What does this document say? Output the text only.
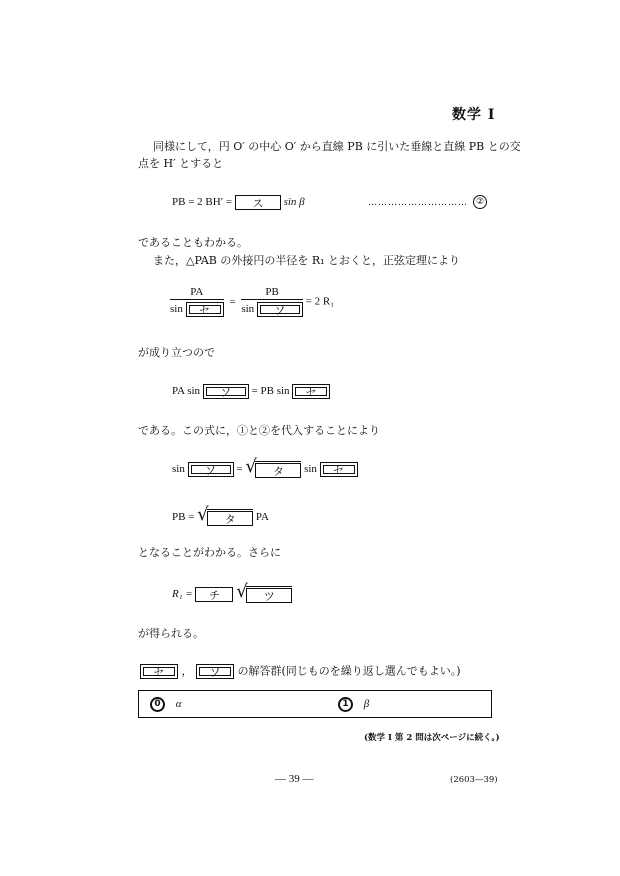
数学 I
同様にして，円 O′ の中心 O′ から直線 PB に引いた垂線と直線 PB との交
点を H′ とすると
PB = 2 BH′ = ス sin β	………………………… ②
であることもわかる。
また，△PAB の外接円の半径を R₁ とおくと，正弦定理により
$\frac{PA}{\text{sin セ}} = \frac{PB}{\text{sin ソ}} = 2$ R₁
が成り立つので
PA sin ソ = PB sin セ
である。この式に，①と②を代入することにより
sin ソ = √ タ sin セ
PB = √ タ PA
となることがわかる。さらに
R₁ = チ √ ツ
が得られる。
セ ， ソ の解答群(同じものを繰り返し選んでもよい。)
0 α	1 β
(数学 I 第 2 問は次ページに続く。)
— 39 —	(2603—39)
